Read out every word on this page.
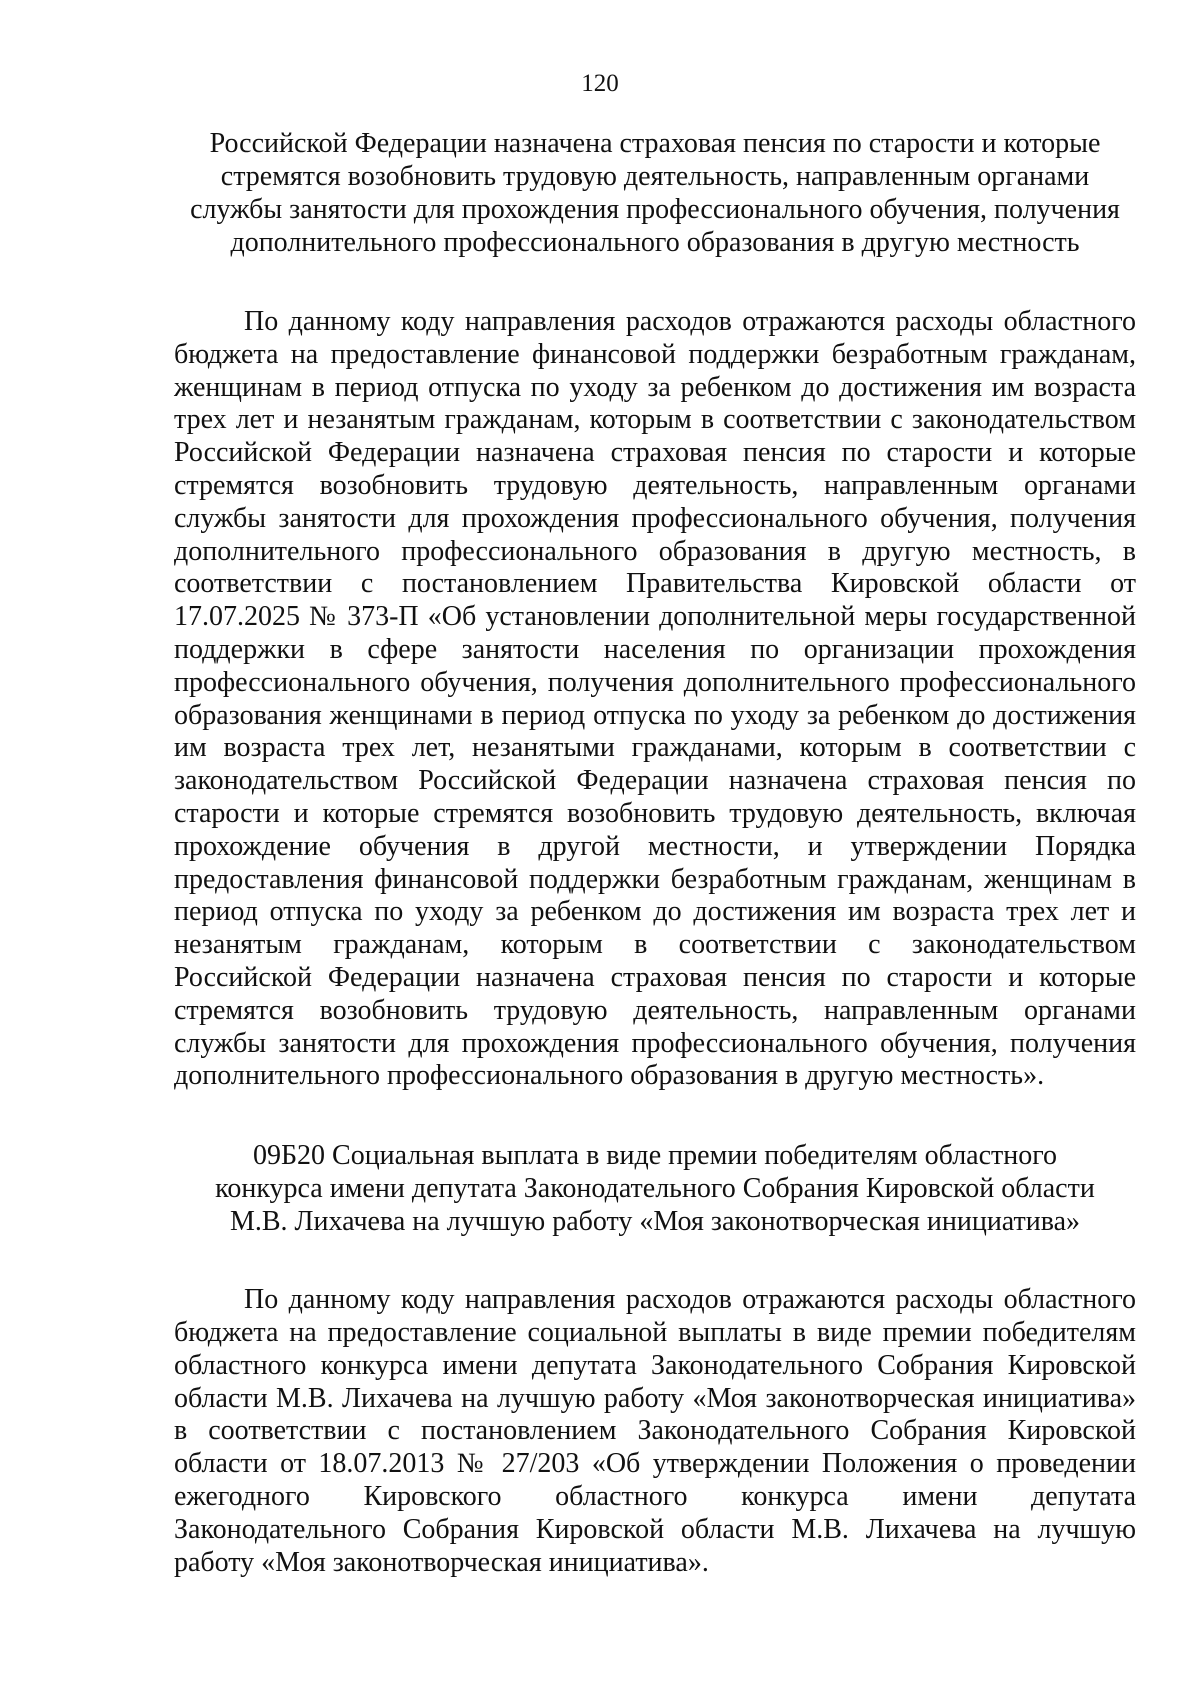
120
Российской Федерации назначена страховая пенсия по старости и которые
стремятся возобновить трудовую деятельность, направленным органами
службы занятости для прохождения профессионального обучения, получения
дополнительного профессионального образования в другую местность
По данному коду направления расходов отражаются расходы областного
бюджета на предоставление финансовой поддержки безработным гражданам,
женщинам в период отпуска по уходу за ребенком до достижения им возраста
трех лет и незанятым гражданам, которым в соответствии с законодательством
Российской Федерации назначена страховая пенсия по старости и которые
стремятся возобновить трудовую деятельность, направленным органами
службы занятости для прохождения профессионального обучения, получения
дополнительного профессионального образования в другую местность, в
соответствии с постановлением Правительства Кировской области от
17.07.2025 № 373-П «Об установлении дополнительной меры государственной
поддержки в сфере занятости населения по организации прохождения
профессионального обучения, получения дополнительного профессионального
образования женщинами в период отпуска по уходу за ребенком до достижения
им возраста трех лет, незанятыми гражданами, которым в соответствии с
законодательством Российской Федерации назначена страховая пенсия по
старости и которые стремятся возобновить трудовую деятельность, включая
прохождение обучения в другой местности, и утверждении Порядка
предоставления финансовой поддержки безработным гражданам, женщинам в
период отпуска по уходу за ребенком до достижения им возраста трех лет и
незанятым гражданам, которым в соответствии с законодательством
Российской Федерации назначена страховая пенсия по старости и которые
стремятся возобновить трудовую деятельность, направленным органами
службы занятости для прохождения профессионального обучения, получения
дополнительного профессионального образования в другую местность».
09Б20 Социальная выплата в виде премии победителям областного
конкурса имени депутата Законодательного Собрания Кировской области
М.В. Лихачева на лучшую работу «Моя законотворческая инициатива»
По данному коду направления расходов отражаются расходы областного
бюджета на предоставление социальной выплаты в виде премии победителям
областного конкурса имени депутата Законодательного Собрания Кировской
области М.В. Лихачева на лучшую работу «Моя законотворческая инициатива»
в соответствии с постановлением Законодательного Собрания Кировской
области от 18.07.2013 № 27/203 «Об утверждении Положения о проведении
ежегодного Кировского областного конкурса имени депутата
Законодательного Собрания Кировской области М.В. Лихачева на лучшую
работу «Моя законотворческая инициатива».
